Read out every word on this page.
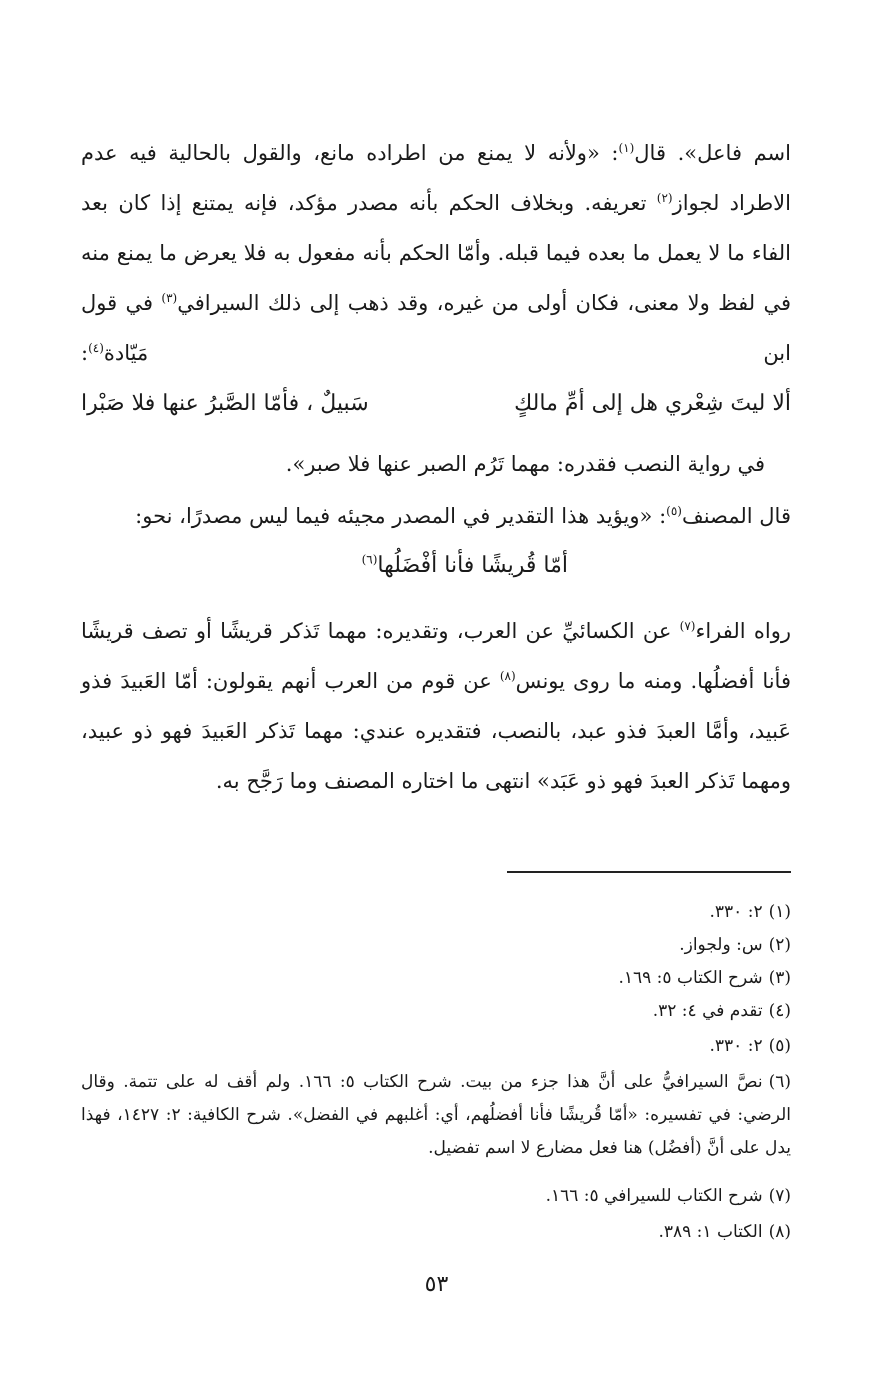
اسم فاعل». قال$^{(١)}$: «ولأنه لا يمنع من اطراده مانع، والقول بالحالية فيه عدم الاطراد لجواز$^{(٢)}$ تعريفه. وبخلاف الحكم بأنه مصدر مؤكد، فإنه يمتنع إذا كان بعد الفاء ما لا يعمل ما بعده فيما قبله. وأمّا الحكم بأنه مفعول به فلا يعرض ما يمنع منه في لفظ ولا معنى، فكان أولى من غيره، وقد ذهب إلى ذلك السيرافي$^{(٣)}$ في قول ابن مَيّادة$^{(٤)}$:

ألا ليتَ شِعْري هل إلى أمِّ مالكٍ
سَبيلٌ ، فأمّا الصَّبرُ عنها فلا صَبْرا
في رواية النصب فقدره: مهما تَرُم الصبر عنها فلا صبر».
قال المصنف$^{(٥)}$: «ويؤيد هذا التقدير في المصدر مجيئه فيما ليس مصدرًا، نحو:
أمّا قُريشًا فأنا أفْضَلُها$^{(٦)}$

رواه الفراء$^{(٧)}$ عن الكسائيِّ عن العرب، وتقديره: مهما تَذكر قريشًا أو تصف قريشًا فأنا أفضلُها. ومنه ما روى يونس$^{(٨)}$ عن قوم من العرب أنهم يقولون: أمّا العَبيدَ فذو عَبيد، وأمَّا العبدَ فذو عبد، بالنصب، فتقديره عندي: مهما تَذكر العَبيدَ فهو ذو عبيد، ومهما تَذكر العبدَ فهو ذو عَبَد» انتهى ما اختاره المصنف وما رَجَّح به.

(١)٢: ٣٣٠.
(٢)س: ولجواز.
(٣)شرح الكتاب ٥: ١٦٩.
(٤)تقدم في ٤: ٣٢.
(٥)٢: ٣٣٠.
(٦)نصَّ السيرافيُّ على أنَّ هذا جزء من بيت. شرح الكتاب ٥: ١٦٦. ولم أقف له على تتمة. وقال الرضي: في تفسيره: «أمّا قُريشًا فأنا أفضلُهم، أي: أغلبهم في الفضل». شرح الكافية: ٢: ١٤٢٧، فهذا يدل على أنَّ (أفضُل) هنا فعل مضارع لا اسم تفضيل.
(٧)شرح الكتاب للسيرافي ٥: ١٦٦.
(٨)الكتاب ١: ٣٨٩.
٥٣
